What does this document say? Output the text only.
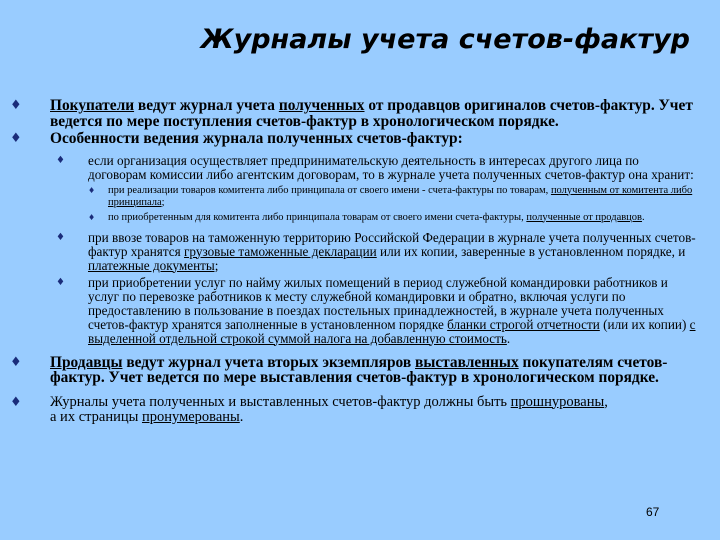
Журналы учета счетов-фактур
♦ Покупатели ведут журнал учета полученных от продавцов оригиналов счетов-фактур. Учет ведется по мере поступления счетов-фактур в хронологическом порядке.

♦ Особенности ведения журнала полученных счетов-фактур:

♦ если организация осуществляет предпринимательскую деятельность в интересах другого лица по договорам комиссии либо агентским договорам, то в журнале учета полученных счетов-фактур она хранит:

♦ при реализации товаров комитента либо принципала от своего имени - счета-фактуры по товарам, полученным от комитента либо принципала;

♦ по приобретенным для комитента либо принципала товарам от своего имени счета-фактуры, полученные от продавцов.

♦ при ввозе товаров на таможенную территорию Российской Федерации в журнале учета полученных счетов-фактур хранятся грузовые таможенные декларации или их копии, заверенные в установленном порядке, и платежные документы;

♦ при приобретении услуг по найму жилых помещений в период служебной командировки работников и услуг по перевозке работников к месту служебной командировки и обратно, включая услуги по предоставлению в пользование в поездах постельных принадлежностей, в журнале учета полученных счетов-фактур хранятся заполненные в установленном порядке бланки строгой отчетности (или их копии) с выделенной отдельной строкой суммой налога на добавленную стоимость.

♦ Продавцы ведут журнал учета вторых экземпляров выставленных покупателям счетов-фактур. Учет ведется по мере выставления счетов-фактур в хронологическом порядке.

♦ Журналы учета полученных и выставленных счетов-фактур должны быть прошнурованы, а их страницы пронумерованы.

67
